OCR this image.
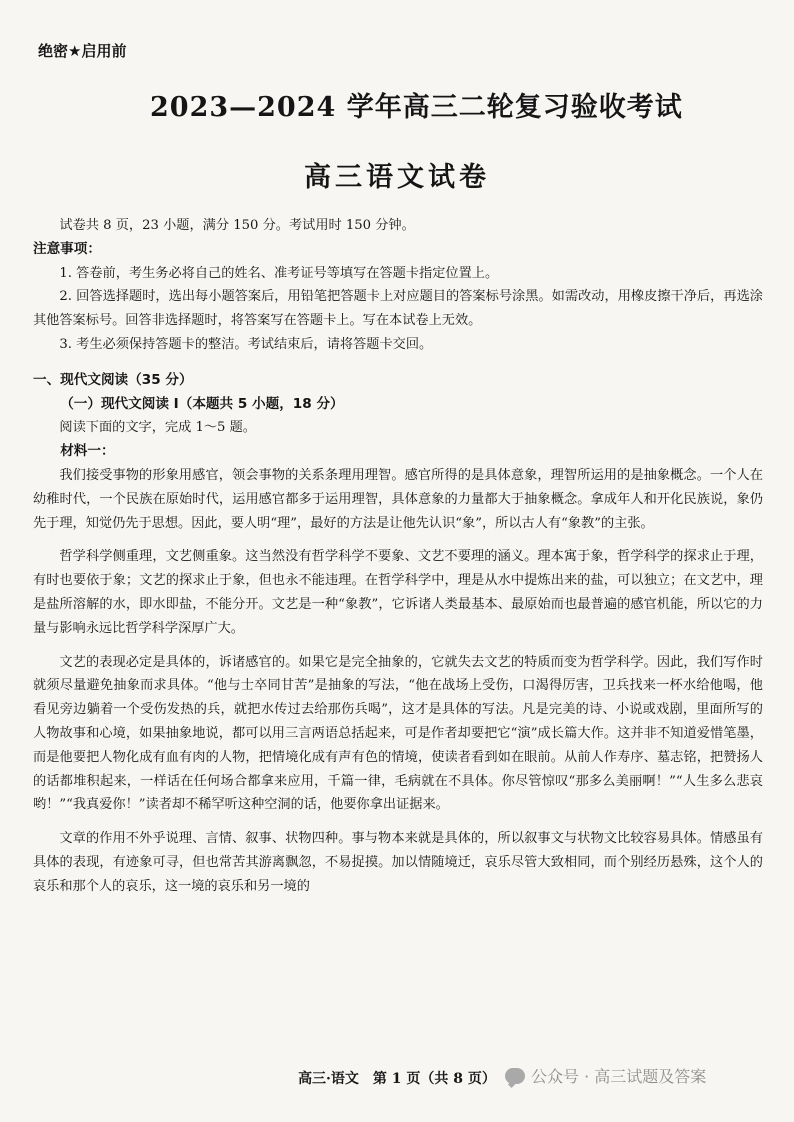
绝密★启用前
2023—2024 学年高三二轮复习验收考试
高三语文试卷

试卷共 8 页，23 小题，满分 150 分。考试用时 150 分钟。

注意事项：

1. 答卷前，考生务必将自己的姓名、准考证号等填写在答题卡指定位置上。

2. 回答选择题时，选出每小题答案后，用铅笔把答题卡上对应题目的答案标号涂黑。如需改动，用橡皮擦干净后，再选涂其他答案标号。回答非选择题时，将答案写在答题卡上。写在本试卷上无效。

3. 考生必须保持答题卡的整洁。考试结束后，请将答题卡交回。

一、现代文阅读（35 分）

（一）现代文阅读 Ⅰ（本题共 5 小题，18 分）

阅读下面的文字，完成 1～5 题。

材料一：

我们接受事物的形象用感官，领会事物的关系条理用理智。感官所得的是具体意象，理智所运用的是抽象概念。一个人在幼稚时代，一个民族在原始时代，运用感官都多于运用理智，具体意象的力量都大于抽象概念。拿成年人和开化民族说，象仍先于理，知觉仍先于思想。因此，要人明“理”，最好的方法是让他先认识“象”，所以古人有“象教”的主张。

哲学科学侧重理，文艺侧重象。这当然没有哲学科学不要象、文艺不要理的涵义。理本寓于象，哲学科学的探求止于理，有时也要依于象；文艺的探求止于象，但也永不能违理。在哲学科学中，理是从水中提炼出来的盐，可以独立；在文艺中，理是盐所溶解的水，即水即盐，不能分开。文艺是一种“象教”，它诉诸人类最基本、最原始而也最普遍的感官机能，所以它的力量与影响永远比哲学科学深厚广大。

文艺的表现必定是具体的，诉诸感官的。如果它是完全抽象的，它就失去文艺的特质而变为哲学科学。因此，我们写作时就须尽量避免抽象而求具体。“他与士卒同甘苦”是抽象的写法，“他在战场上受伤，口渴得厉害，卫兵找来一杯水给他喝，他看见旁边躺着一个受伤发热的兵，就把水传过去给那伤兵喝”，这才是具体的写法。凡是完美的诗、小说或戏剧，里面所写的人物故事和心境，如果抽象地说，都可以用三言两语总括起来，可是作者却要把它“演”成长篇大作。这并非不知道爱惜笔墨，而是他要把人物化成有血有肉的人物，把情境化成有声有色的情境，使读者看到如在眼前。从前人作寿序、墓志铭，把赞扬人的话都堆积起来，一样话在任何场合都拿来应用，千篇一律，毛病就在不具体。你尽管惊叹“那多么美丽啊！”“人生多么悲哀哟！”“我真爱你！”读者却不稀罕听这种空洞的话，他要你拿出证据来。

文章的作用不外乎说理、言情、叙事、状物四种。事与物本来就是具体的，所以叙事文与状物文比较容易具体。情感虽有具体的表现，有迹象可寻，但也常苦其游离飘忽，不易捉摸。加以情随境迁，哀乐尽管大致相同，而个别经历悬殊，这个人的哀乐和那个人的哀乐，这一境的哀乐和另一境的

高三·语文　第 1 页（共 8 页）	公众号 · 高三试题及答案
